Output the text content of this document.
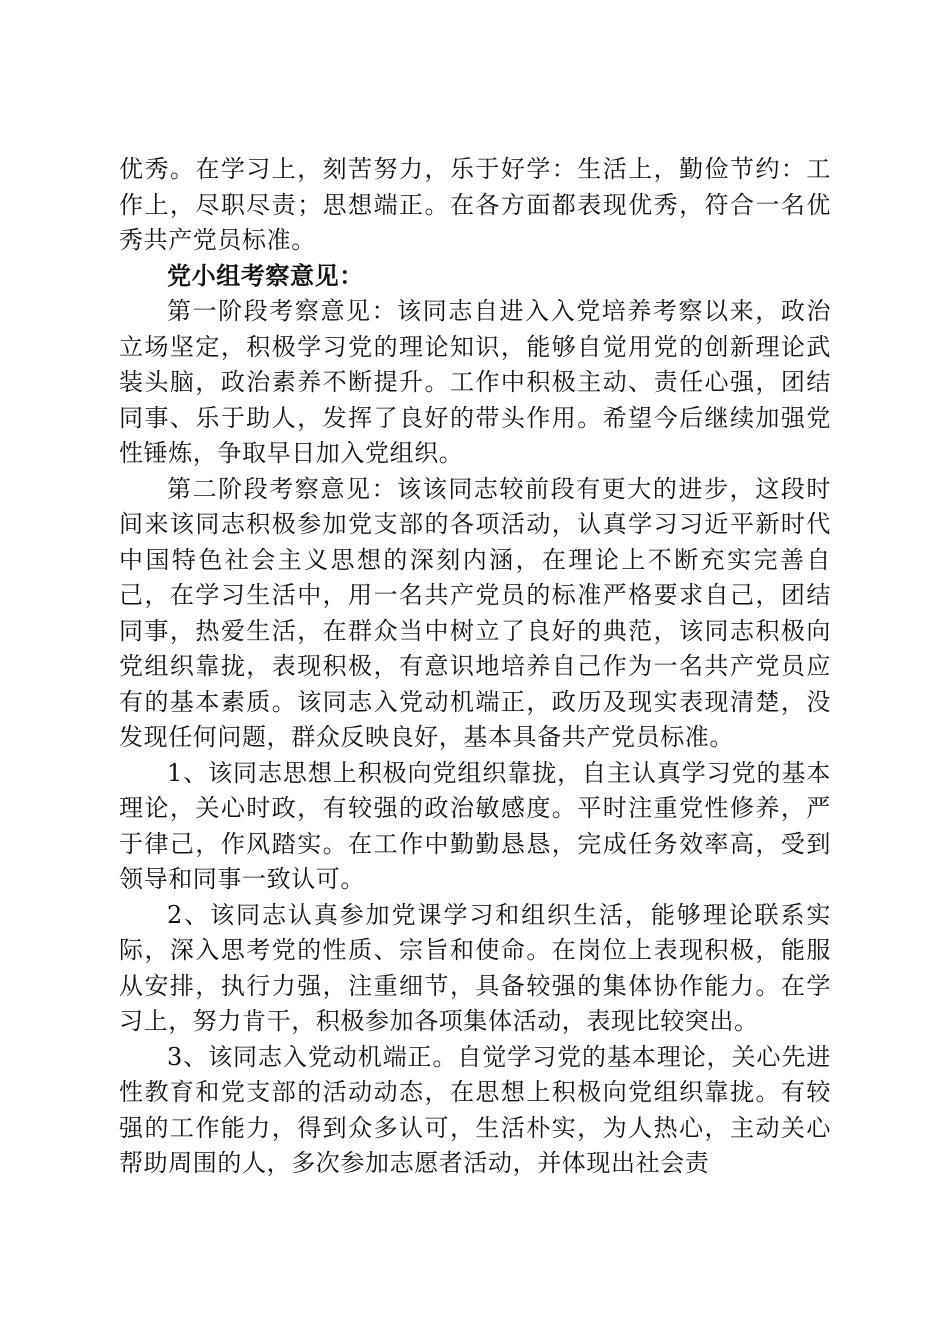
优秀。在学习上，刻苦努力，乐于好学：生活上，勤俭节约：工作上，尽职尽责；思想端正。在各方面都表现优秀，符合一名优秀共产党员标准。

党小组考察意见：

第一阶段考察意见：该同志自进入入党培养考察以来，政治立场坚定，积极学习党的理论知识，能够自觉用党的创新理论武装头脑，政治素养不断提升。工作中积极主动、责任心强，团结同事、乐于助人，发挥了良好的带头作用。希望今后继续加强党性锤炼，争取早日加入党组织。

第二阶段考察意见：该该同志较前段有更大的进步，这段时间来该同志积极参加党支部的各项活动，认真学习习近平新时代中国特色社会主义思想的深刻内涵，在理论上不断充实完善自己，在学习生活中，用一名共产党员的标准严格要求自己，团结同事，热爱生活，在群众当中树立了良好的典范，该同志积极向党组织靠拢，表现积极，有意识地培养自己作为一名共产党员应有的基本素质。该同志入党动机端正，政历及现实表现清楚，没发现任何问题，群众反映良好，基本具备共产党员标准。

1、该同志思想上积极向党组织靠拢，自主认真学习党的基本理论，关心时政，有较强的政治敏感度。平时注重党性修养，严于律己，作风踏实。在工作中勤勤恳恳，完成任务效率高，受到领导和同事一致认可。

2、该同志认真参加党课学习和组织生活，能够理论联系实际，深入思考党的性质、宗旨和使命。在岗位上表现积极，能服从安排，执行力强，注重细节，具备较强的集体协作能力。在学习上，努力肯干，积极参加各项集体活动，表现比较突出。

3、该同志入党动机端正。自觉学习党的基本理论，关心先进性教育和党支部的活动动态，在思想上积极向党组织靠拢。有较强的工作能力，得到众多认可，生活朴实，为人热心，主动关心帮助周围的人，多次参加志愿者活动，并体现出社会责
